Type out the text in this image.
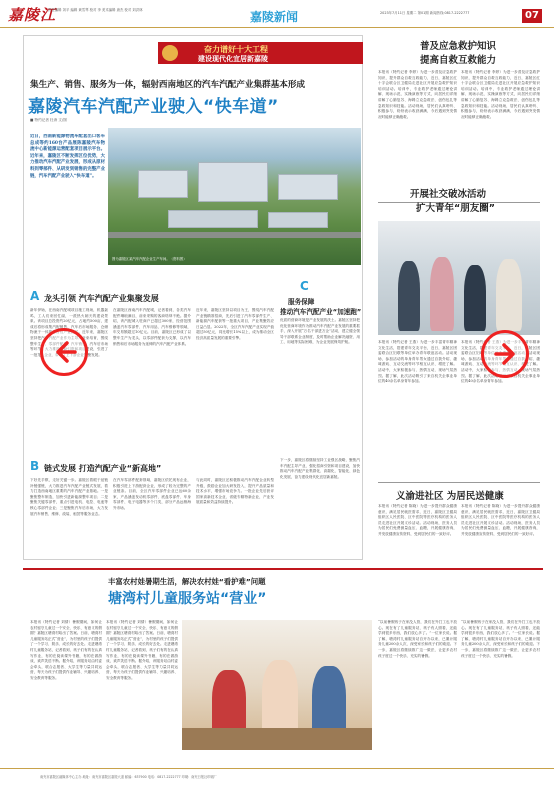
嘉陵江
责任编辑 刘平 编辑 黄雪琴 校对 李 美术编辑 唐杰 校对 刘洪林	嘉陵新闻	2023年7月11日 星期二 第01期 新闻热线:0817-2222777	07
奋力谱好十大工程
建设现代化宜居新嘉陵
集生产、销售、服务为一体，辐射西南地区的汽车汽配产业集群基本形成
嘉陵汽车汽配产业驶入“快车道”
■ 特约记者 杜涛 文/图
近日，西南新能源物流车配套出口客车总成等约160台产品展陈嘉陵汽车物流中心新能源运营配套项目展示平台。近年来，嘉陵区不断发挥区位优势，大力推动汽车汽配产业发展，形成从原材料到零部件、从研发到销售的完整产业链，汽车汽配产业驶入“快车道”。
图为嘉陵区某汽车汽配企业生产车间。（资料图）
A 龙头引领 汽车汽配产业集聚发展
新年伊始，在西南汽配城项目施工现场，机器轰鸣，工人们来回忙碌，一派热火朝天的建设景象。该项目总投资约20亿元，占地约500亩，建成后将形成集汽配销售、汽车后市场服务、仓储物流于一体的综合性产业园区。近年来，嘉陵区坚持把汽车汽配产业作为主导产业来培育，围绕整车生产、零部件配套、汽车销售、汽车后市场等环节，大力推进招商引资和项目建设，引进了一批龙头企业，带动了上下游企业集聚发展。
在嘉陵区西南汽车汽配城，记者看到，各类汽车配件琳琅满目，前来采购的客商络绎不绝。据介绍，该汽配城入驻商户已超过300家，经营范围涵盖汽车零部件、汽车用品、汽车维修等领域，年交易额超过10亿元。目前，嘉陵区已形成了以整车生产为龙头，以零部件配套为支撑，以汽车销售和后市场服务为延伸的汽车汽配产业体系。
近年来，嘉陵区坚持以项目为王，围绕汽车汽配产业链精准招商，先后引进了汽车零部件生产、新能源汽车配套等一批重大项目，产业集聚效应日益凸显。2022年，全区汽车汽配产业实现产值超过50亿元，同比增长15%以上，成为推动全区经济高质量发展的重要引擎。
C
服务保障
推动汽车汽配产业“加速跑”
优质的营商环境是产业发展的沃土。嘉陵区坚持把优化营商环境作为推动汽车汽配产业发展的重要抓手，深入开展“万名干部进万企”活动，建立健全领导干部联系企业制度，及时帮助企业解决融资、用工、用地等实际困难，为企业发展保驾护航。
B 链式发展 打造汽配产业“新高地”
下好先手棋，走好关键一步。嘉陵区着眼于延链补链强链，大力推进汽车汽配产业链式发展，着力打造西南地区重要的汽车汽配产业基地。一是聚焦整车制造，加快引进新能源整车项目；二是聚焦关键零部件，重点引进电机、电控、电池等核心零部件企业；三是聚焦汽车后市场，大力发展汽车销售、维修、改装、租赁等服务业态。
在汽车零部件配套领域，嘉陵区依托现有企业，积极引进上下游配套企业，形成了较为完整的产业链条。目前，全区汽车零部件企业已达60余家，产品涵盖发动机零部件、底盘零部件、车身零部件、电子电器等多个门类，部分产品远销海外市场。
与此同时，嘉陵区还积极推动汽车汽配企业转型升级，鼓励企业加大研发投入，提升产品质量和技术水平，增强市场竞争力。一批企业先后获评国家高新技术企业、省级专精特新企业，产业发展质量和效益持续提升。
下一步，嘉陵区将继续坚持工业强区战略，聚焦汽车汽配主导产业，强化招商引资和项目建设，加快推动汽车汽配产业集群化、高端化、智能化、绿色化发展，奋力建设现代化宜居新嘉陵。
普及应急救护知识
提高自救互救能力
本报讯（特约记者 李婷）为进一步普及应急救护知识，提升群众自救互救能力，近日，嘉陵区红十字会联合区卫健局走进社区开展应急救护知识培训活动。培训中，专业救护老师通过理论讲解、现场示范、实操演练等方式，向居民们详细讲解了心肺复苏、海姆立克急救法、创伤包扎等急救知识和技能。活动现场，居民们认真聆听、积极参与，纷纷表示收获满满，今后遇到突发情况时能够正确施救。
本报讯（特约记者 李婷）为进一步普及应急救护知识，提升群众自救互救能力，近日，嘉陵区红十字会联合区卫健局走进社区开展应急救护知识培训活动。培训中，专业救护老师通过理论讲解、现场示范、实操演练等方式，向居民们详细讲解了心肺复苏、海姆立克急救法、创伤包扎等急救知识和技能。活动现场，居民们认真聆听、积极参与，纷纷表示收获满满，今后遇到突发情况时能够正确施救。
开展社交破冰活动
扩大青年“朋友圈”
本报讯（特约记者 王燕）为进一步丰富青年精神文化生活，搭建青年交友平台，近日，嘉陵区团委联合区妇联等单位举办青年联谊活动。活动现场，参加活动的单身青年男女通过自我介绍、趣味游戏、互动交流等环节相互认识、增进了解。活动中，大家积极参与、热情互动，现场气氛热烈。据了解，此次活动吸引了来自机关企事业单位的40余名单身青年参加。
本报讯（特约记者 王燕）为进一步丰富青年精神文化生活，搭建青年交友平台，近日，嘉陵区团委联合区妇联等单位举办青年联谊活动。活动现场，参加活动的单身青年男女通过自我介绍、趣味游戏、互动交流等环节相互认识、增进了解。活动中，大家积极参与、热情互动，现场气氛热烈。据了解，此次活动吸引了来自机关企事业单位的40余名单身青年参加。
义渝进社区 为居民送健康
本报讯（特约记者 陈晓）为进一步提升群众健康意识，满足居民就医需求，近日，嘉陵区卫健局组织区人民医院、区中医院等医疗机构的医务人员走进社区开展义诊活动。活动现场，医务人员为居民们免费测量血压、血糖，开展健康咨询，并发放健康宣传资料，受到居民们的一致好评。
本报讯（特约记者 陈晓）为进一步提升群众健康意识，满足居民就医需求，近日，嘉陵区卫健局组织区人民医院、区中医院等医疗机构的医务人员走进社区开展义诊活动。活动现场，医务人员为居民们免费测量血压、血糖，开展健康咨询，并发放健康宣传资料，受到居民们的一致好评。
丰富农村娃暑期生活，解决农村娃“看护难”问题
塘湾村儿童服务站“营业”
本报讯（特约记者 刘倩）暑假期间，如何让农村留守儿童过一个安全、快乐、有意义的假期？嘉陵区塘湾村给出了答案。日前，塘湾村儿童服务站正式“营业”，为村里的孩子们提供了一个学习、娱乐、成长的好去处。走进塘湾村儿童服务站，记者看到，孩子们有的在认真写作业，有的在阅读课外书籍，有的在做游戏，欢声笑语不断。据介绍，该服务站由村委会牵头，联合志愿者、大学生等力量共同运营，每天为孩子们提供作业辅导、兴趣培养、安全教育等服务。
本报讯（特约记者 刘倩）暑假期间，如何让农村留守儿童过一个安全、快乐、有意义的假期？嘉陵区塘湾村给出了答案。日前，塘湾村儿童服务站正式“营业”，为村里的孩子们提供了一个学习、娱乐、成长的好去处。走进塘湾村儿童服务站，记者看到，孩子们有的在认真写作业，有的在阅读课外书籍，有的在做游戏，欢声笑语不断。据介绍，该服务站由村委会牵头，联合志愿者、大学生等力量共同运营，每天为孩子们提供作业辅导、兴趣培养、安全教育等服务。
“以前暑假孩子在家没人管，我们在外打工也不放心。现在有了儿童服务站，孩子有人照看，还能学到很多东西，我们放心多了。”一位家长说。据了解，塘湾村儿童服务站自开办以来，已累计服务儿童200余人次，深受家长和孩子们的欢迎。下一步，嘉陵区将继续推广这一做法，让更多农村孩子度过一个快乐、充实的暑假。
“以前暑假孩子在家没人管，我们在外打工也不放心。现在有了儿童服务站，孩子有人照看，还能学到很多东西，我们放心多了。”一位家长说。据了解，塘湾村儿童服务站自开办以来，已累计服务儿童200余人次，深受家长和孩子们的欢迎。下一步，嘉陵区将继续推广这一做法，让更多农村孩子度过一个快乐、充实的暑假。
南充市嘉陵区融媒体中心主办 地址：南充市嘉陵区嘉陵大道 邮编：637900 电话：0817-2222777 印刷：南充日报社印刷厂
